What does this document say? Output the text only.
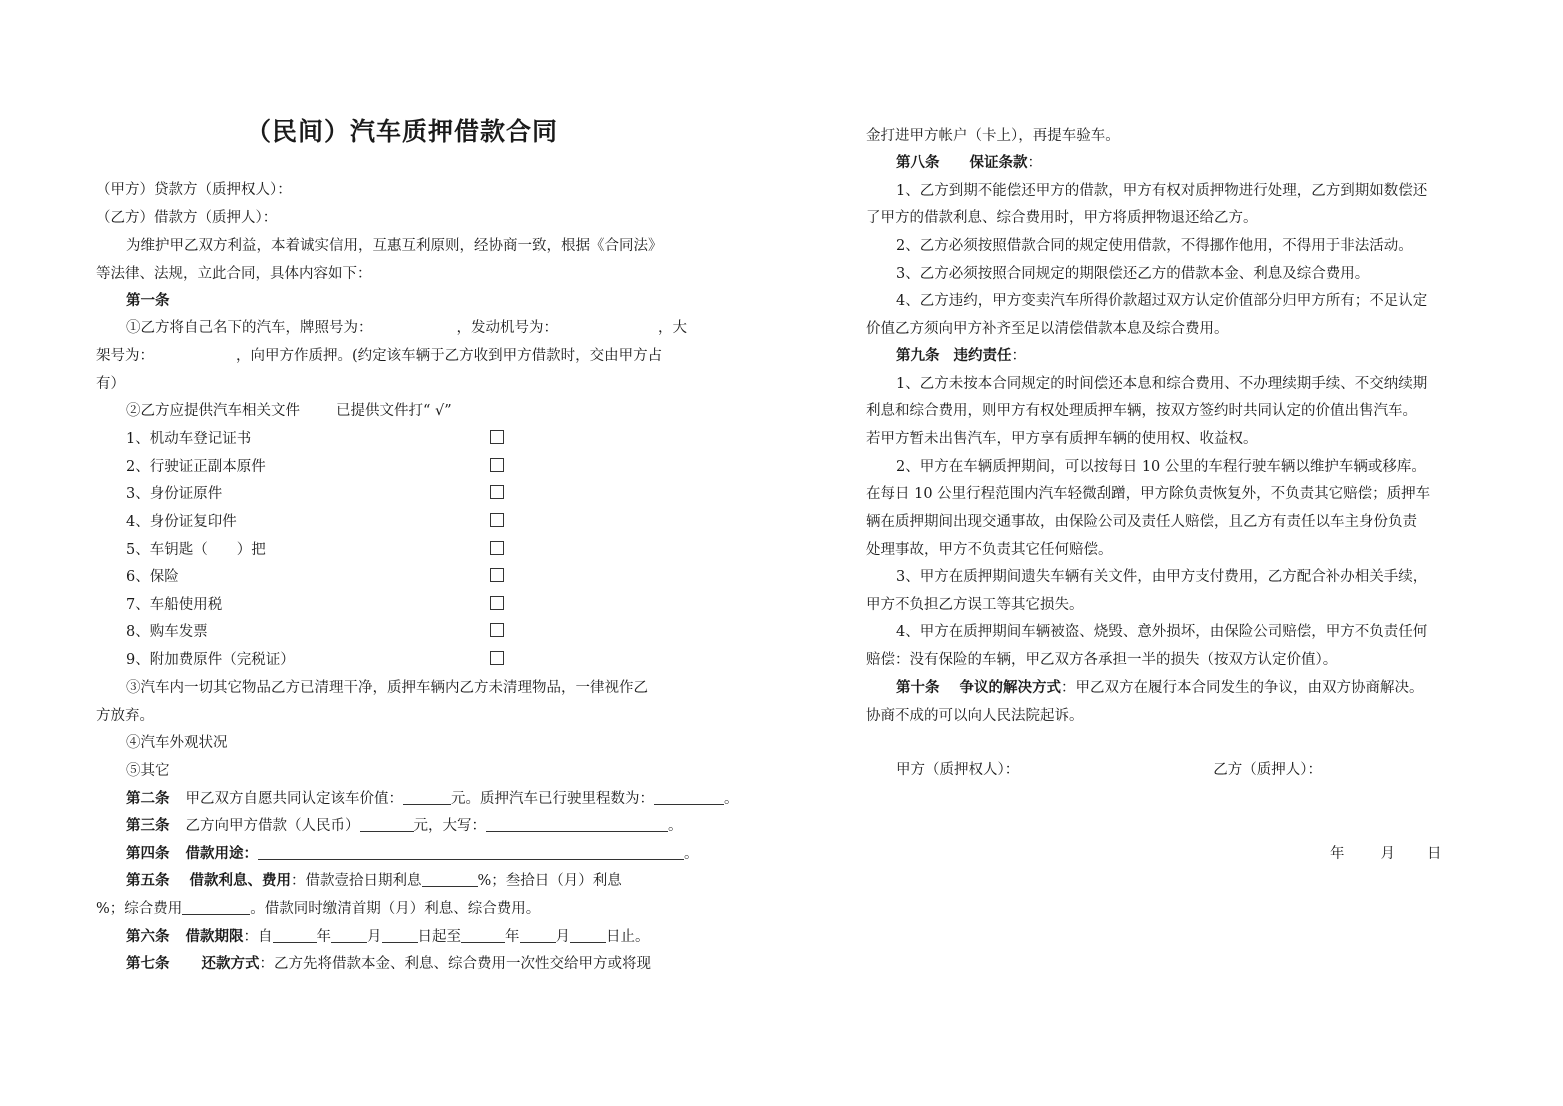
（民间）汽车质押借款合同
（甲方）贷款方（质押权人）：
（乙方）借款方（质押人）：
为维护甲乙双方利益，本着诚实信用，互惠互利原则，经协商一致，根据《合同法》
等法律、法规，立此合同，具体内容如下：
第一条
①乙方将自己名下的汽车，牌照号为：	，发动机号为：	，大
架号为：	，向甲方作质押。(约定该车辆于乙方收到甲方借款时，交由甲方占
有）
②乙方应提供汽车相关文件 已提供文件打“ √”
1、机动车登记证书
2、行驶证正副本原件
3、身份证原件
4、身份证复印件
5、车钥匙（　　）把
6、保险
7、车船使用税
8、购车发票
9、附加费原件（完税证）
③汽车内一切其它物品乙方已清理干净，质押车辆内乙方未清理物品，一律视作乙
方放弃。
④汽车外观状况
⑤其它
第二条 甲乙双方自愿共同认定该车价值：	元。质押汽车已行驶里程数为：	。
第三条 乙方向甲方借款（人民币）	元，大写：	。
第四条 借款用途：	。
第五条 借款利息、费用：借款壹拾日期利息	%；叁拾日（月）利息
%；综合费用	。借款同时缴清首期（月）利息、综合费用。
第六条 借款期限：自	年 月 日起至	年 月 日止。
第七条 还款方式：乙方先将借款本金、利息、综合费用一次性交给甲方或将现
金打进甲方帐户（卡上），再提车验车。
第八条 保证条款：
1、乙方到期不能偿还甲方的借款，甲方有权对质押物进行处理，乙方到期如数偿还
了甲方的借款利息、综合费用时，甲方将质押物退还给乙方。
2、乙方必须按照借款合同的规定使用借款，不得挪作他用，不得用于非法活动。
3、乙方必须按照合同规定的期限偿还乙方的借款本金、利息及综合费用。
4、乙方违约，甲方变卖汽车所得价款超过双方认定价值部分归甲方所有；不足认定
价值乙方须向甲方补齐至足以清偿借款本息及综合费用。
第九条 违约责任：
1、乙方未按本合同规定的时间偿还本息和综合费用、不办理续期手续、不交纳续期
利息和综合费用，则甲方有权处理质押车辆，按双方签约时共同认定的价值出售汽车。
若甲方暂未出售汽车，甲方享有质押车辆的使用权、收益权。
2、甲方在车辆质押期间，可以按每日 10 公里的车程行驶车辆以维护车辆或移库。
在每日 10 公里行程范围内汽车轻微刮蹭，甲方除负责恢复外，不负责其它赔偿；质押车
辆在质押期间出现交通事故，由保险公司及责任人赔偿，且乙方有责任以车主身份负责
处理事故，甲方不负责其它任何赔偿。
3、甲方在质押期间遗失车辆有关文件，由甲方支付费用，乙方配合补办相关手续，
甲方不负担乙方误工等其它损失。
4、甲方在质押期间车辆被盗、烧毁、意外损坏，由保险公司赔偿，甲方不负责任何
赔偿：没有保险的车辆，甲乙双方各承担一半的损失（按双方认定价值）。
第十条 争议的解决方式：甲乙双方在履行本合同发生的争议，由双方协商解决。
协商不成的可以向人民法院起诉。
甲方（质押权人）：	乙方（质押人）：
年 月 日
